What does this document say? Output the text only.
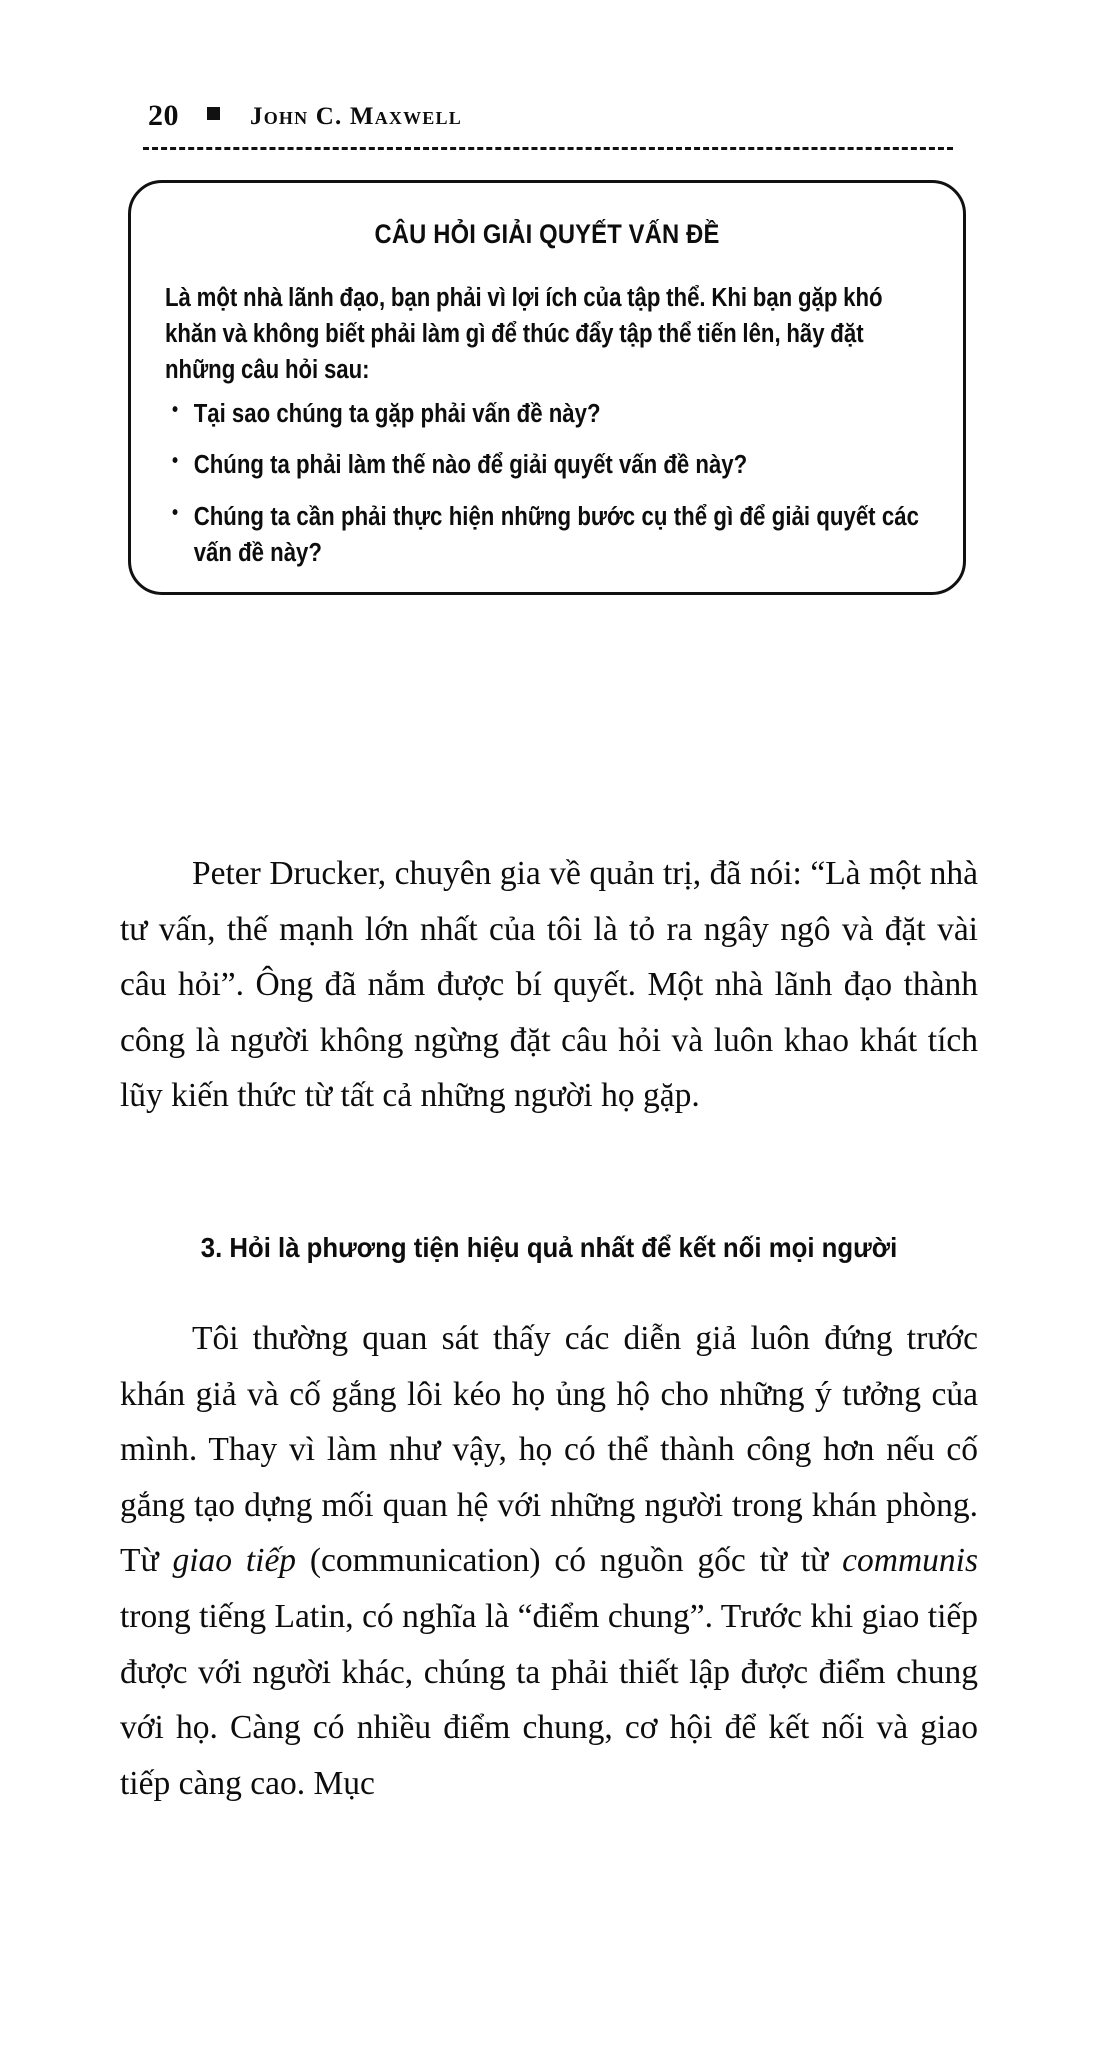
20	John C. Maxwell
CÂU HỎI GIẢI QUYẾT VẤN ĐỀ

Là một nhà lãnh đạo, bạn phải vì lợi ích của tập thể. Khi bạn gặp khó khăn và không biết phải làm gì để thúc đẩy tập thể tiến lên, hãy đặt những câu hỏi sau:

• Tại sao chúng ta gặp phải vấn đề này?
• Chúng ta phải làm thế nào để giải quyết vấn đề này?
• Chúng ta cần phải thực hiện những bước cụ thể gì để giải quyết các vấn đề này?

Peter Drucker, chuyên gia về quản trị, đã nói: “Là một nhà tư vấn, thế mạnh lớn nhất của tôi là tỏ ra ngây ngô và đặt vài câu hỏi”. Ông đã nắm được bí quyết. Một nhà lãnh đạo thành công là người không ngừng đặt câu hỏi và luôn khao khát tích lũy kiến thức từ tất cả những người họ gặp.

3. Hỏi là phương tiện hiệu quả nhất để kết nối mọi người

Tôi thường quan sát thấy các diễn giả luôn đứng trước khán giả và cố gắng lôi kéo họ ủng hộ cho những ý tưởng của mình. Thay vì làm như vậy, họ có thể thành công hơn nếu cố gắng tạo dựng mối quan hệ với những người trong khán phòng. Từ giao tiếp (communication) có nguồn gốc từ từ communis trong tiếng Latin, có nghĩa là “điểm chung”. Trước khi giao tiếp được với người khác, chúng ta phải thiết lập được điểm chung với họ. Càng có nhiều điểm chung, cơ hội để kết nối và giao tiếp càng cao. Mục
